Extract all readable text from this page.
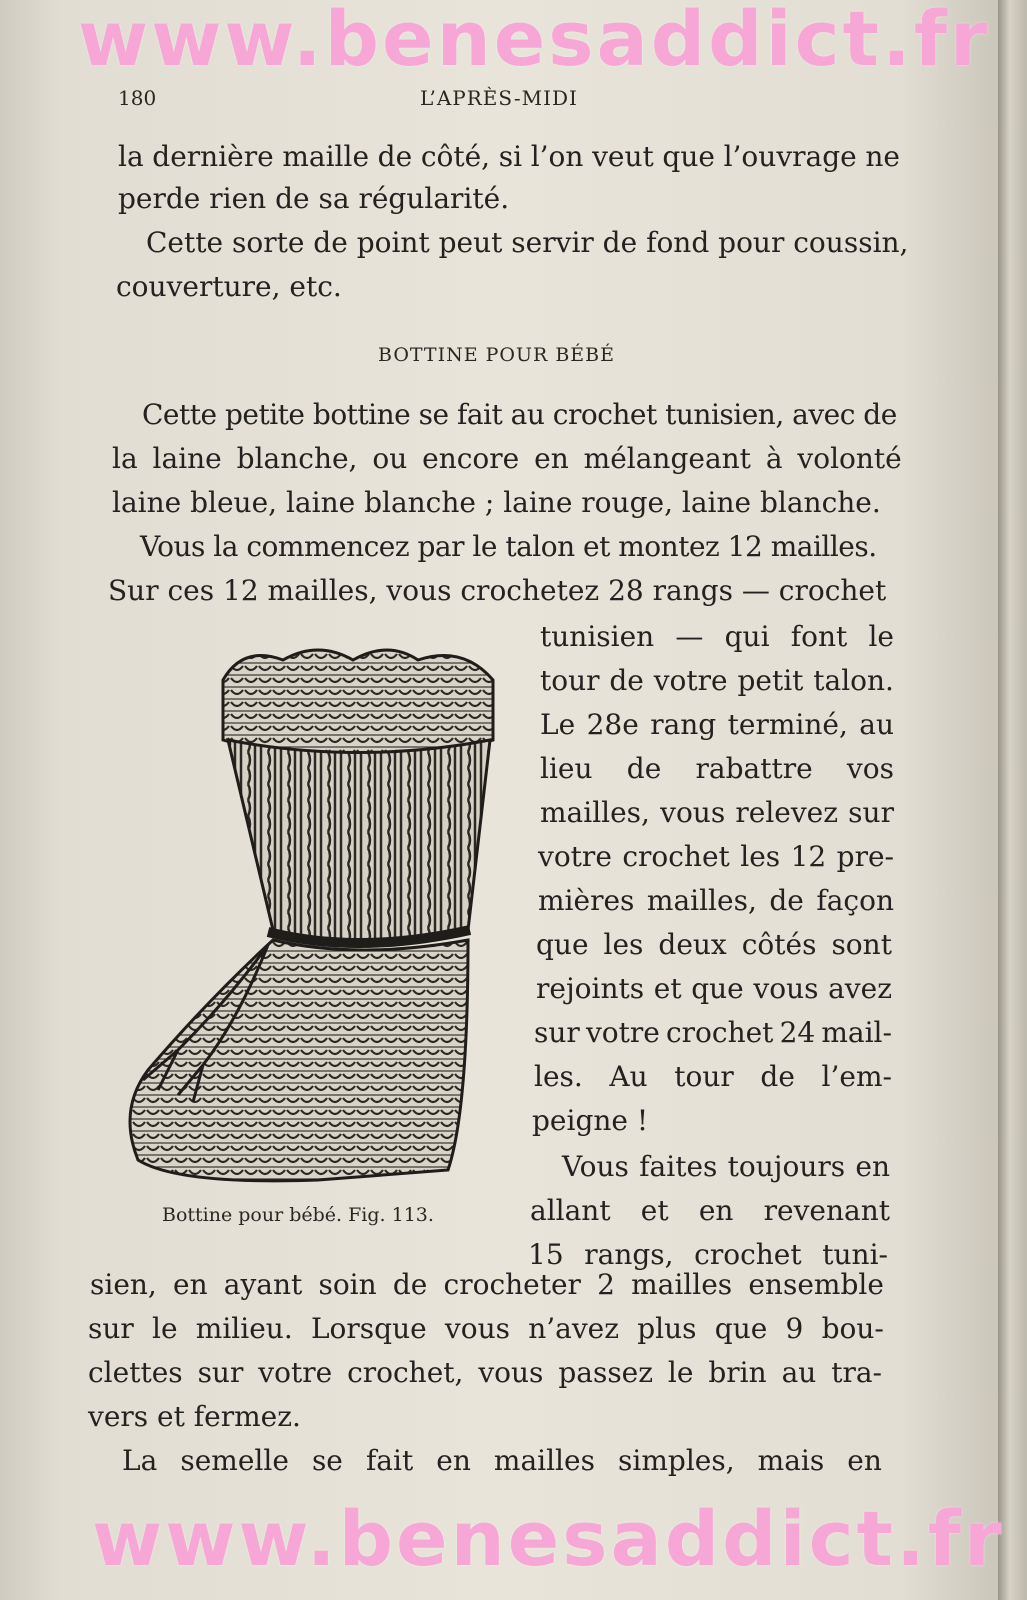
www.benesaddict.fr
180	L’APRÈS-MIDI
la dernière maille de côté, si l’on veut que l’ouvrage ne
perde rien de sa régularité.
Cette sorte de point peut servir de fond pour coussin,
couverture, etc.
BOTTINE POUR BÉBÉ
Cette petite bottine se fait au crochet tunisien, avec de
la laine blanche, ou encore en mélangeant à volonté
laine bleue, laine blanche ; laine rouge, laine blanche.
Vous la commencez par le talon et montez 12 mailles.
Sur ces 12 mailles, vous crochetez 28 rangs — crochet
tunisien — qui font le
tour de votre petit talon.
Le 28e rang terminé, au
lieu de rabattre vos
mailles, vous relevez sur
votre crochet les 12 pre-
mières mailles, de façon
que les deux côtés sont
rejoints et que vous avez
sur votre crochet 24 mail-
les. Au tour de l’em-
peigne !
Vous faites toujours en
allant et en revenant
15 rangs, crochet tuni-
Bottine pour bébé. Fig. 113.
sien, en ayant soin de crocheter 2 mailles ensemble
sur le milieu. Lorsque vous n’avez plus que 9 bou-
clettes sur votre crochet, vous passez le brin au tra-
vers et fermez.
La semelle se fait en mailles simples, mais en
www.benesaddict.fr
